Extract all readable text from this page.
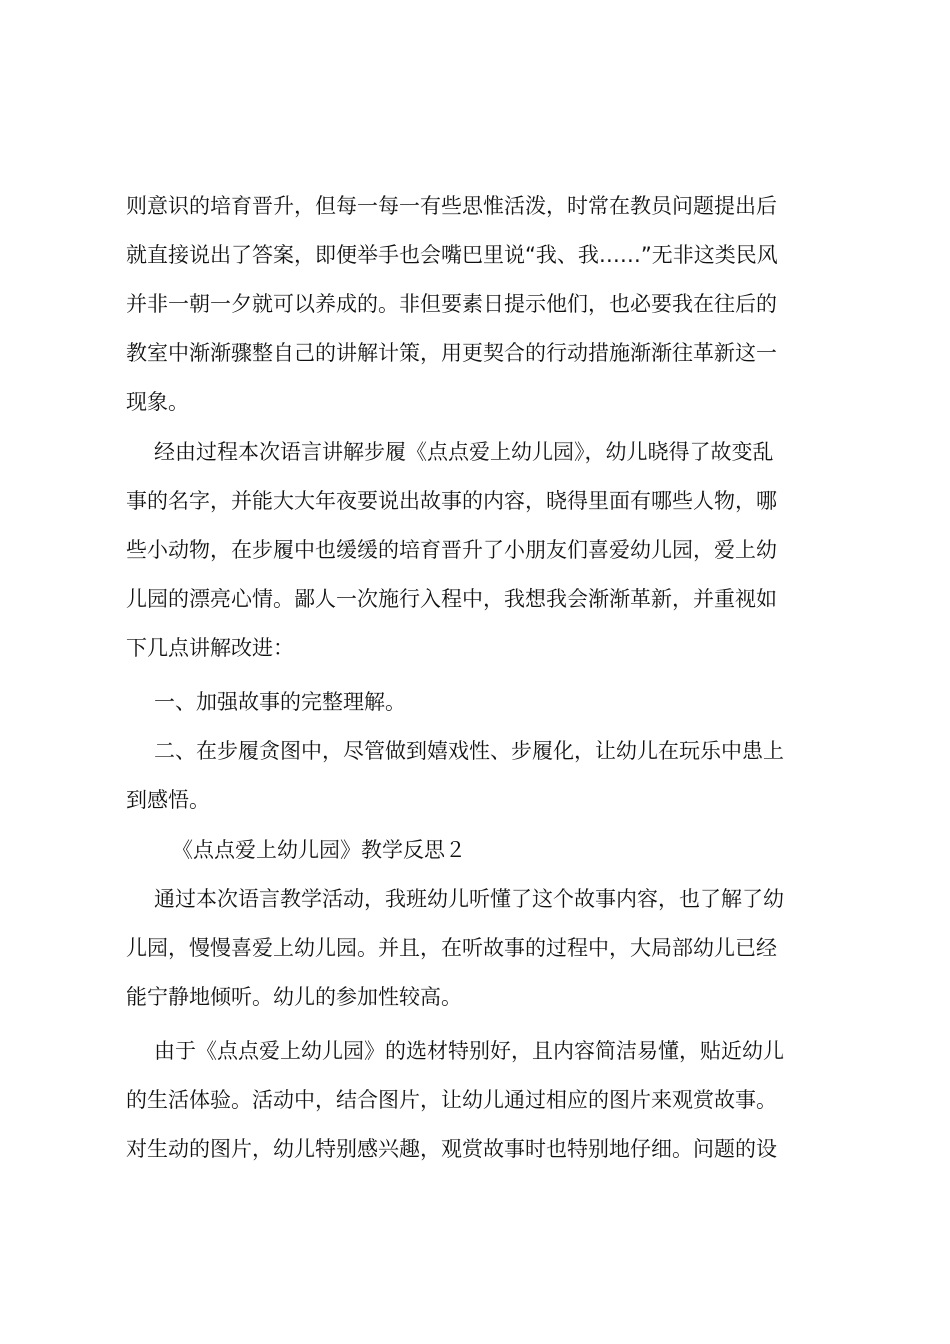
则意识的培育晋升，但每一每一有些思惟活泼，时常在教员问题提出后
就直接说出了答案，即便举手也会嘴巴里说“我、我……”无非这类民风
并非一朝一夕就可以养成的。非但要素日提示他们，也必要我在往后的
教室中渐渐骤整自己的讲解计策，用更契合的行动措施渐渐往革新这一
现象。
经由过程本次语言讲解步履《点点爱上幼儿园》，幼儿晓得了故变乱
事的名字，并能大大年夜要说出故事的内容，晓得里面有哪些人物，哪
些小动物，在步履中也缓缓的培育晋升了小朋友们喜爱幼儿园，爱上幼
儿园的漂亮心情。鄙人一次施行入程中，我想我会渐渐革新，并重视如
下几点讲解改进：
一、加强故事的完整理解。
二、在步履贪图中，尽管做到嬉戏性、步履化，让幼儿在玩乐中患上
到感悟。
《点点爱上幼儿园》教学反思２
通过本次语言教学活动，我班幼儿听懂了这个故事内容，也了解了幼
儿园，慢慢喜爱上幼儿园。并且，在听故事的过程中，大局部幼儿已经
能宁静地倾听。幼儿的参加性较高。
由于《点点爱上幼儿园》的选材特别好，且内容简洁易懂，贴近幼儿
的生活体验。活动中，结合图片，让幼儿通过相应的图片来观赏故事。
对生动的图片，幼儿特别感兴趣，观赏故事时也特别地仔细。问题的设
